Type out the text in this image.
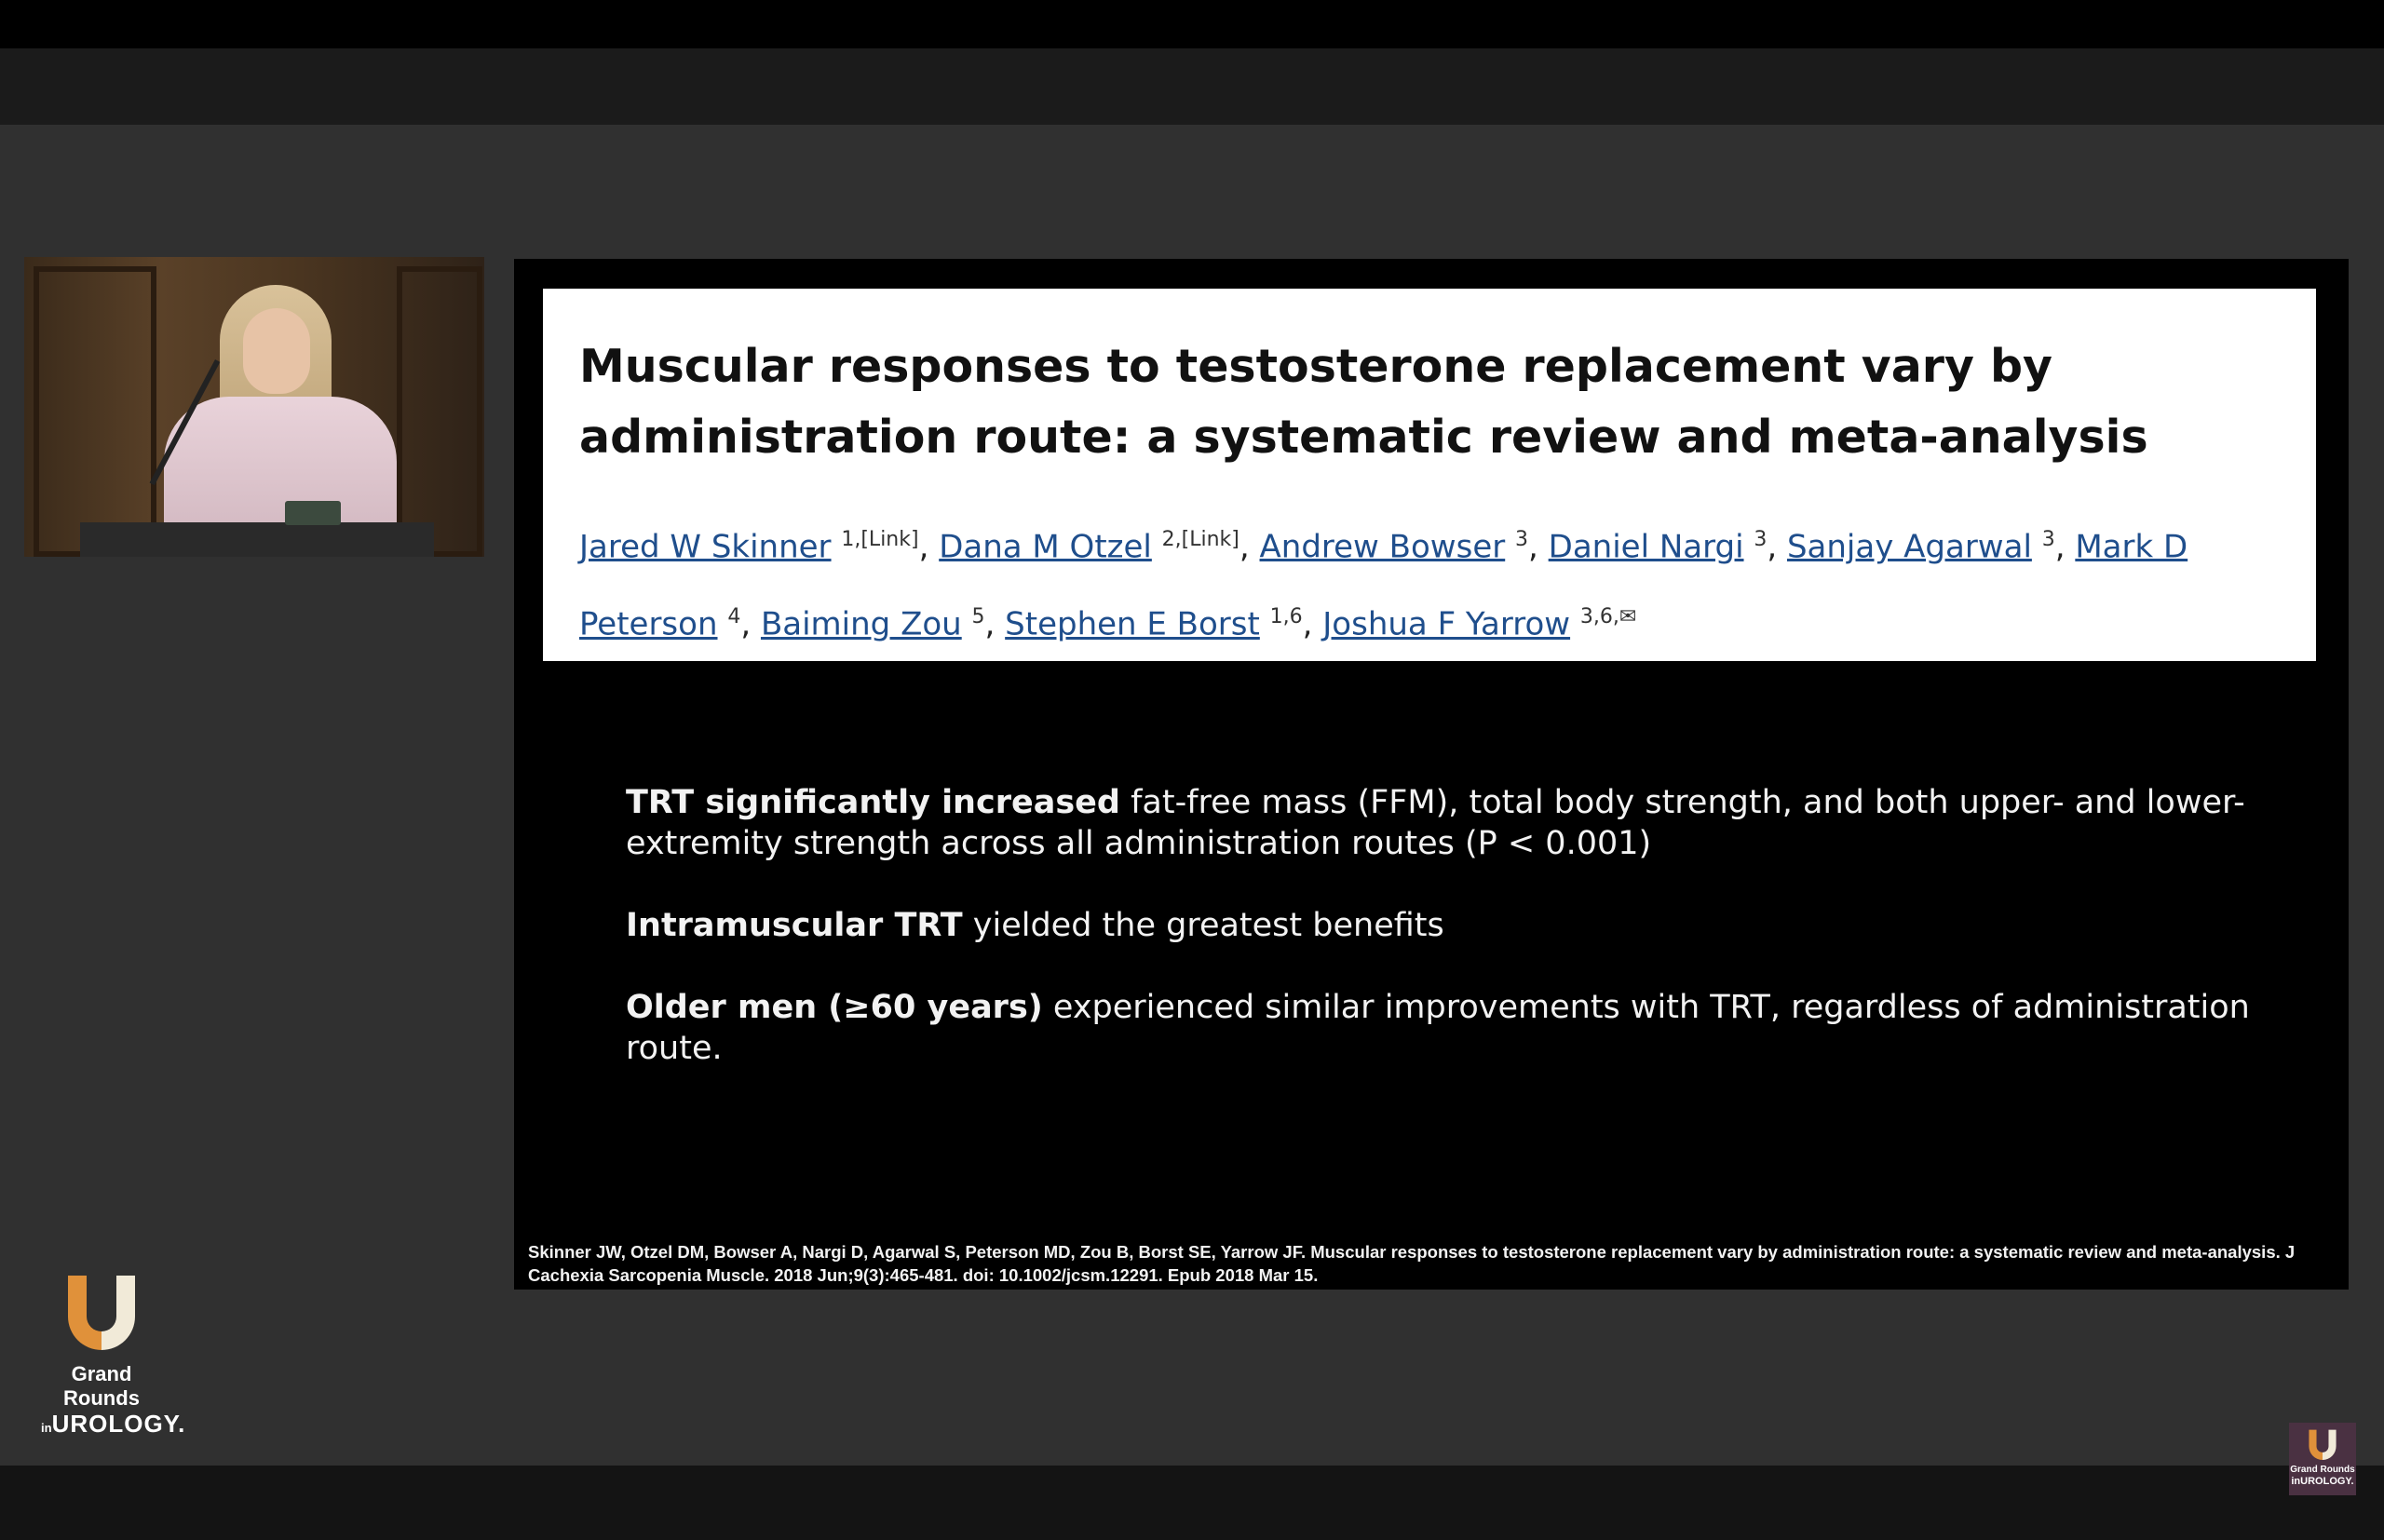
Muscular responses to testosterone replacement vary by administration route: a systematic review and meta-analysis
Jared W Skinner $^{1,[Link]}$, Dana M Otzel $^{2,[Link]}$, Andrew Bowser $^3$, Daniel Nargi $^3$, Sanjay Agarwal $^3$, Mark D Peterson $^4$, Baiming Zou $^5$, Stephen E Borst $^{1,6}$, Joshua F Yarrow $^{3,6,✉}$

TRT significantly increased fat-free mass (FFM), total body strength, and both upper- and lower-extremity strength across all administration routes (P < 0.001)

Intramuscular TRT yielded the greatest benefits

Older men (≥60 years) experienced similar improvements with TRT, regardless of administration route.

Skinner JW, Otzel DM, Bowser A, Nargi D, Agarwal S, Peterson MD, Zou B, Borst SE, Yarrow JF. Muscular responses to testosterone replacement vary by administration route: a systematic review and meta-analysis. J Cachexia Sarcopenia Muscle. 2018 Jun;9(3):465-481. doi: 10.1002/jcsm.12291. Epub 2018 Mar 15.
Grand Rounds
inUROLOGY.
Grand Rounds
inUROLOGY.
